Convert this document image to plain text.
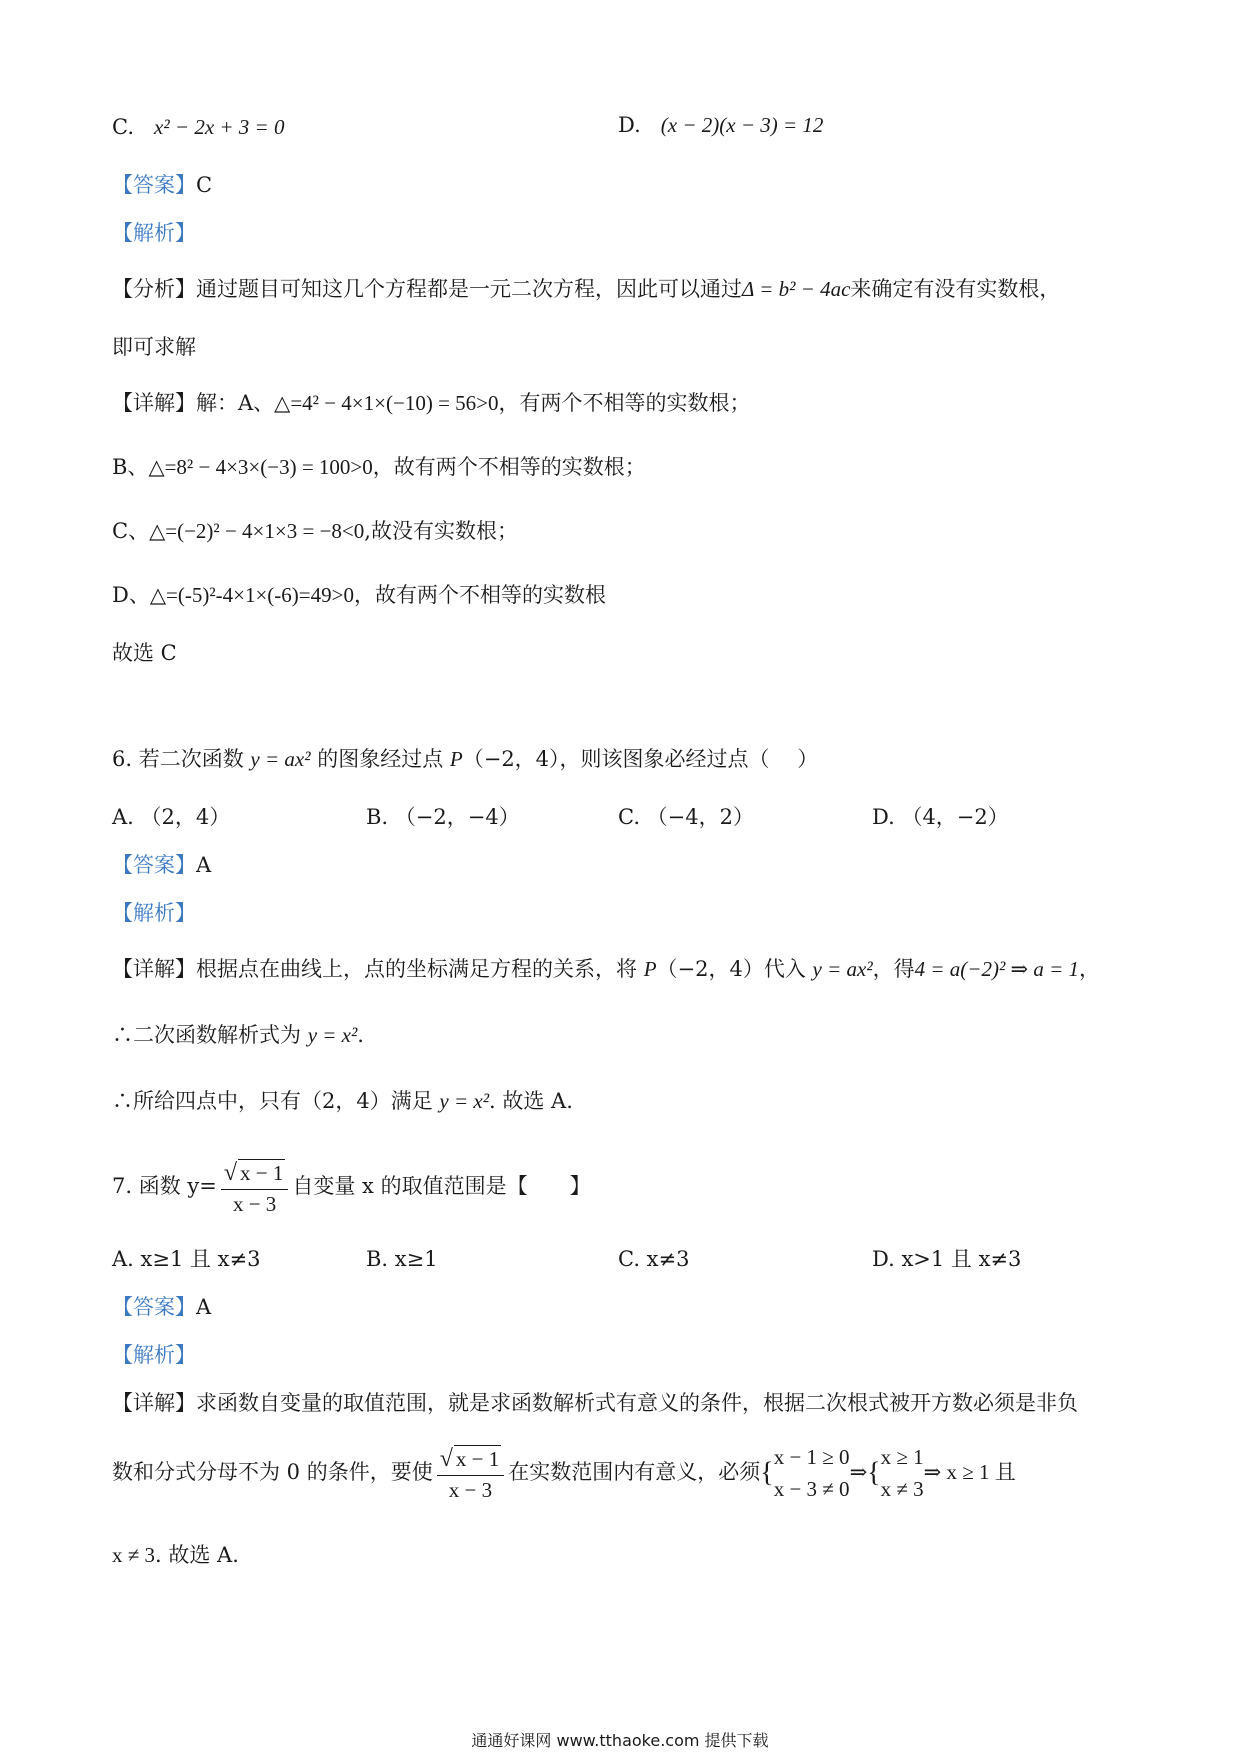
C. x² − 2x + 3 = 0	D. (x − 2)(x − 3) = 12
【答案】C
【解析】
【分析】通过题目可知这几个方程都是一元二次方程，因此可以通过Δ = b² − 4ac来确定有没有实数根，
即可求解
【详解】解：A、△=4² − 4×1×(−10) = 56>0，有两个不相等的实数根；
B、△=8² − 4×3×(−3) = 100>0，故有两个不相等的实数根；
C、△=(−2)² − 4×1×3 = −8<0,故没有实数根；
D、△=(-5)²-4×1×(-6)=49>0，故有两个不相等的实数根
故选 C
6. 若二次函数 y = ax² 的图象经过点 P（−2，4），则该图象必经过点（　 ）
A. （2，4）	B. （−2，−4）	C. （−4，2）	D. （4，−2）
【答案】A
【解析】
【详解】根据点在曲线上，点的坐标满足方程的关系，将 P（−2，4）代入 y = ax²，得4 = a(−2)² ⇒ a = 1，
∴二次函数解析式为 y = x².
∴所给四点中，只有（2，4）满足 y = x². 故选 A.
7. 函数 $y= \frac{√ x - 1}{x - 3}$ 自变量 x 的取值范围是【　　】
A. x≥1 且 x≠3	B. x≥1	C. x≠3	D. x>1 且 x≠3
【答案】A
【解析】
【详解】求函数自变量的取值范围，就是求函数解析式有意义的条件，根据二次根式被开方数必须是非负
数和分式分母不为 0 的条件，要使 $\frac{√ x - 1}{x - 3}$ 在实数范围内有意义，必须{
x − 1 ≥ 0
x − 3 ≠ 0
⇒{
x ≥ 1
x ≠ 3
⇒ x ≥ 1 且
x ≠ 3. 故选 A.
通通好课网 www.tthaoke.com 提供下载
